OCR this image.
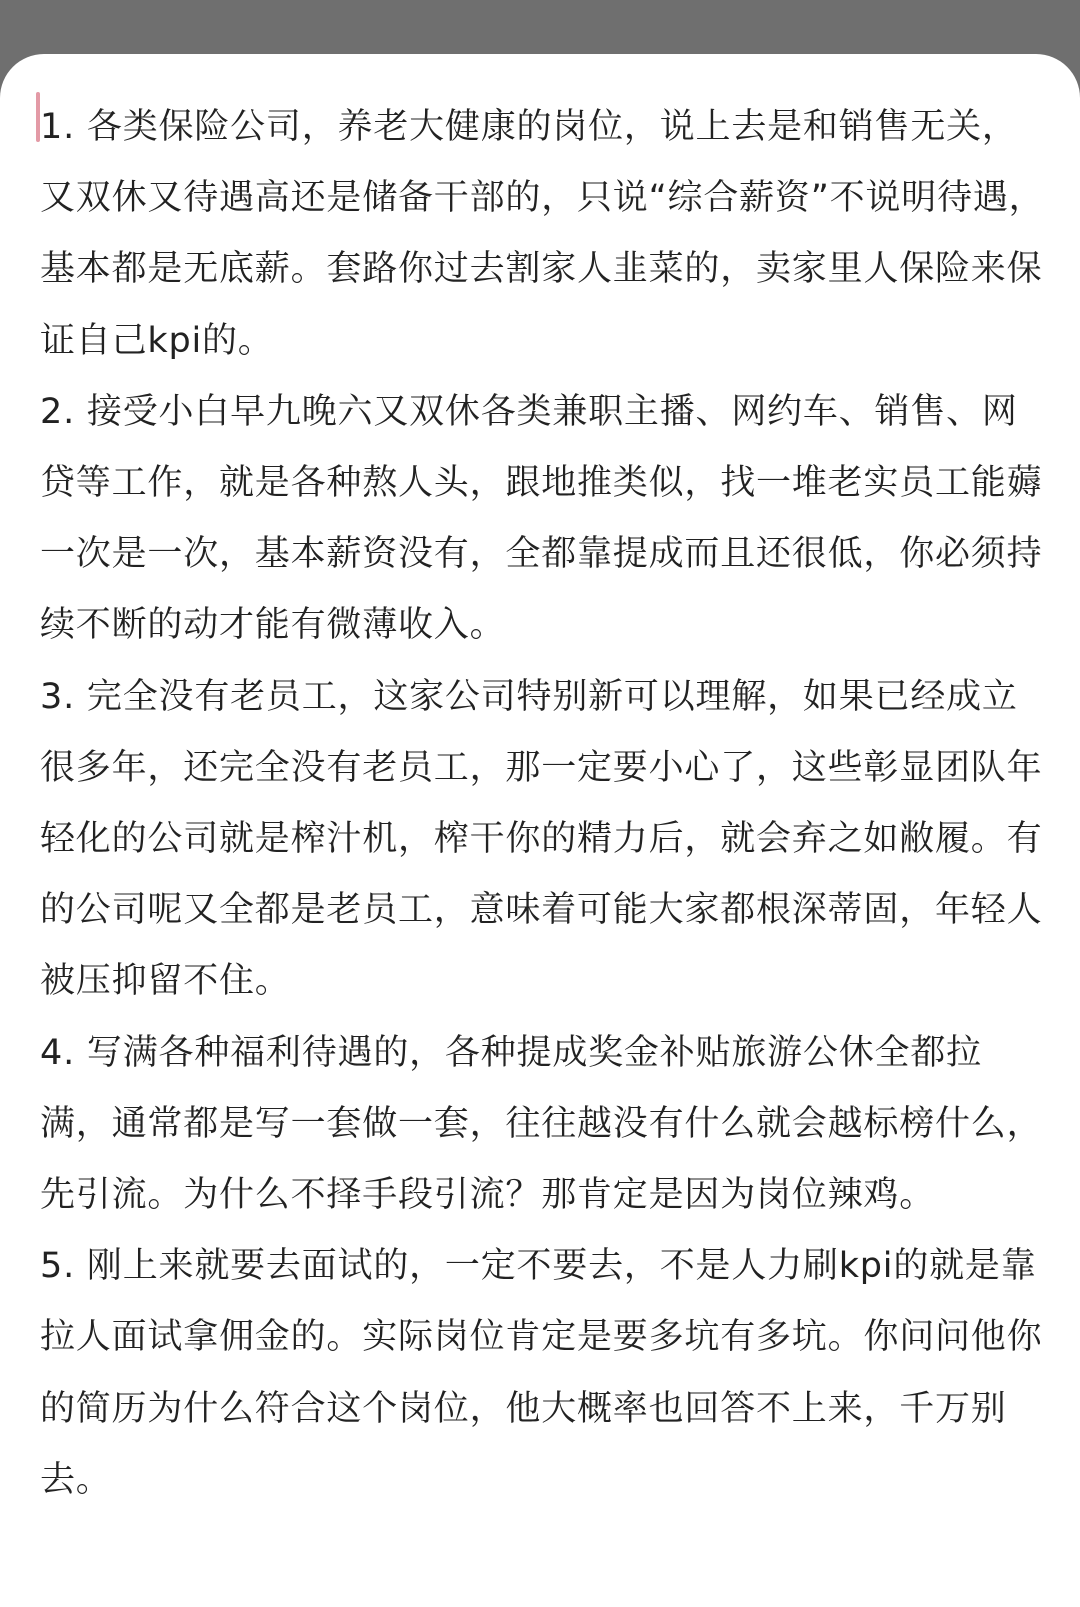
1. 各类保险公司，养老大健康的岗位，说上去是和销售无关，又双休又待遇高还是储备干部的，只说“综合薪资”不说明待遇，基本都是无底薪。套路你过去割家人韭菜的，卖家里人保险来保证自己kpi的。

2. 接受小白早九晚六又双休各类兼职主播、网约车、销售、网贷等工作，就是各种熬人头，跟地推类似，找一堆老实员工能薅一次是一次，基本薪资没有，全都靠提成而且还很低，你必须持续不断的动才能有微薄收入。

3. 完全没有老员工，这家公司特别新可以理解，如果已经成立很多年，还完全没有老员工，那一定要小心了，这些彰显团队年轻化的公司就是榨汁机，榨干你的精力后，就会弃之如敝履。有的公司呢又全都是老员工，意味着可能大家都根深蒂固，年轻人被压抑留不住。

4. 写满各种福利待遇的，各种提成奖金补贴旅游公休全都拉满，通常都是写一套做一套，往往越没有什么就会越标榜什么，先引流。为什么不择手段引流？那肯定是因为岗位辣鸡。

5. 刚上来就要去面试的，一定不要去，不是人力刷kpi的就是靠拉人面试拿佣金的。实际岗位肯定是要多坑有多坑。你问问他你的简历为什么符合这个岗位，他大概率也回答不上来，千万别去。
